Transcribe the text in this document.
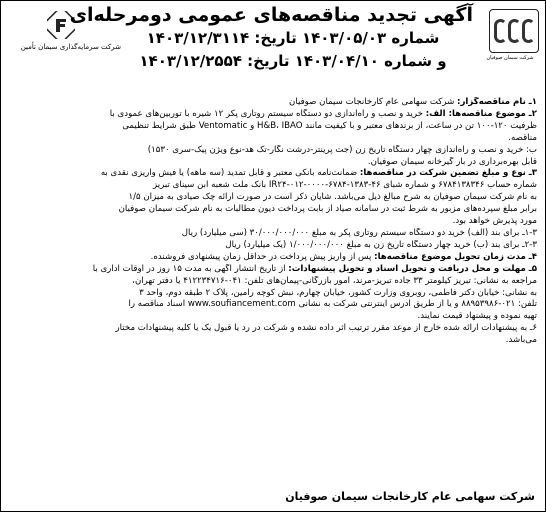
شرکت سرمایه‌گذاری سیمان تأمین
آگهی تجدید مناقصه‌های عمومی دومرحله‌ای
شماره ۱۴۰۳/۰۵/۰۳ تاریخ: ۱۴۰۳/۱۲/۳۱۱۴
و شماره ۱۴۰۳/۰۴/۱۰ تاریخ: ۱۴۰۳/۱۲/۲۵۵۴	شرکت سیمان صوفیان

۱ـ نام مناقصه‌گزار: شرکت سهامی عام کارخانجات سیمان صوفیان

۲ـ موضوع مناقصه‌ها: الف: خرید و نصب و راه‌اندازی دو دستگاه سیستم روتاری پکر ۱۲ شیره با توربین‌های عمودی با

ظرفیت ۱۲۰-۱۰۰ تن در ساعت، از برندهای معتبر و با کیفیت مانند H&B، IBAO و Ventomatic طبق شرایط تنظیمی

مناقصه.

ب: خرید و نصب و راه‌اندازی چهار دستگاه تاریخ زن (جت پرینتر-درشت نگار-تک هد-نوع ویژن پیک-سری ۱۵۳۰)

قابل بهره‌برداری در بار گیرخانه سیمان صوفیان.

۳ـ نوع و مبلغ تضمین شرکت در مناقصه‌ها: ضمانت‌نامه بانکی معتبر و قابل تمدید (سه ماهه) یا فیش واریزی نقدی به

شماره حساب ۶۷۸۴۱۳۸۳۴۶ و شماره شبای IR۲۴-۰۱۲-۰۰۰۰-۶۷۸۴-۱۳۸۳-۴۶ بانک ملت شعبه ابن سینای تبریز

به نام شرکت سیمان صوفیان به شرح مبالغ ذیل می‌باشد. شایان ذکر است در صورت ارائه چک صیادی به میزان ۱/۵

برابر مبلغ سپرده‌های مزبور به شرط ثبت در سامانه صیاد از بابت پرداخت دیون مطالبات به نام شرکت سیمان صوفیان

مورد پذیرش خواهد بود.

۱-۳ـ برای بند (الف) خرید دو دستگاه سیستم روتاری پکر به مبلغ ۳۰/۰۰۰/۰۰۰/۰۰۰ (سی میلیارد) ریال

۲-۳ـ برای بند (ب) خرید چهار دستگاه تاریخ زن به مبلغ ۱/۰۰۰/۰۰۰/۰۰۰ (یک میلیارد) ریال

۴ـ مدت زمان تحویل موضوع مناقصه‌ها: پس از واریز پیش پرداخت در حداقل زمان پیشنهادی فروشنده.

۵ـ مهلت و محل دریافت و تحویل اسناد و تحویل پیشنهادات: از تاریخ انتشار آگهی به مدت ۱۵ روز در اوقات اداری با

مراجعه به نشانی: تبریز کیلومتر ۳۳ جاده تبریز-مرند، امور بازرگانی-پیمان‌های تلفن: ۰۴۱-۴۱۲۲۳۴۷۱۶ یا دفتر تهران،

به نشانی: خیابان دکتر فاطمی، روبروی وزارت کشور، خیابان چهارم، نبش کوچه رامین، پلاک ۲ طبقه دوم، واحد ۳

تلفن: ۰۲۱-۸۸۹۵۳۹۸۶ و یا از طریق آدرس اینترنتی شرکت به نشانی www.soufiancement.com اسناد مناقصه را

تهیه نموده و پیشنهاد قیمت نمایند.

۶ـ به پیشنهادات ارائه شده خارج از موعد مقرر ترتیب اثر داده نشده و شرکت در رد یا قبول یک یا کلیه پیشنهادات مختار

می‌باشد.

شرکت سهامی عام کارخانجات سیمان صوفیان
